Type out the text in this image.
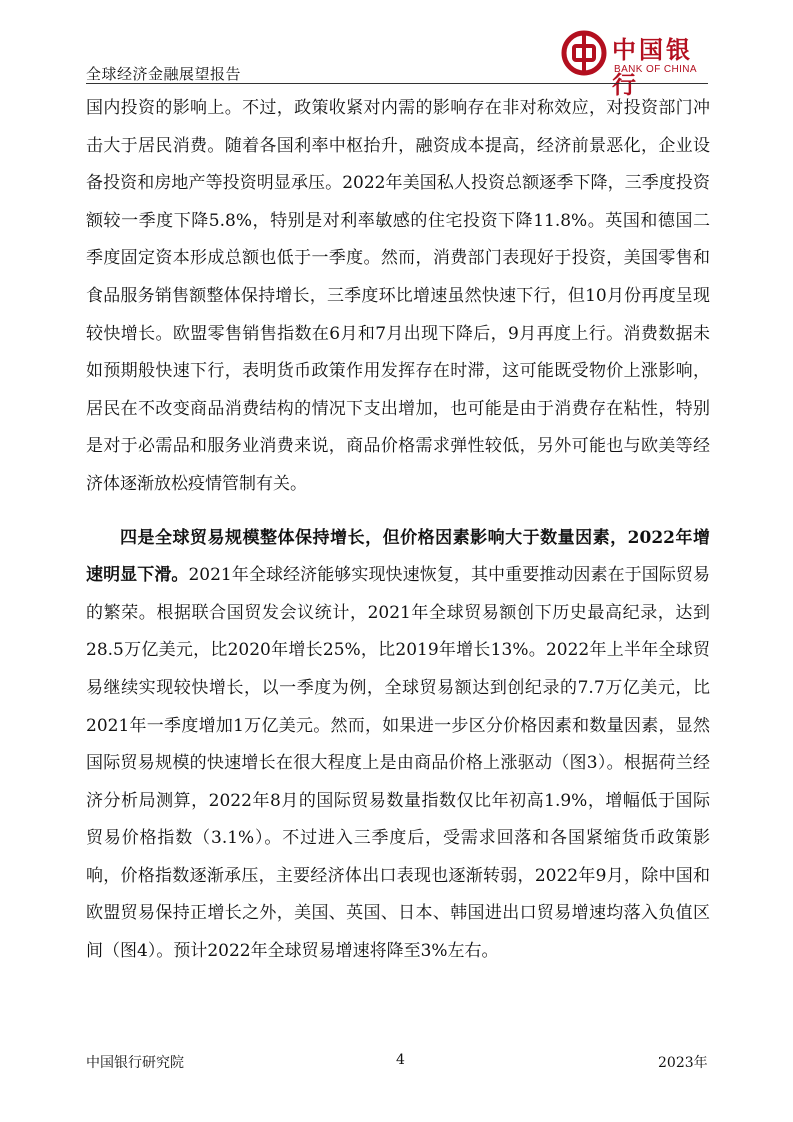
中国银行
BANK OF CHINA
全球经济金融展望报告

国内投资的影响上。不过，政策收紧对内需的影响存在非对称效应，对投资部门冲击大于居民消费。随着各国利率中枢抬升，融资成本提高，经济前景恶化，企业设备投资和房地产等投资明显承压。2022年美国私人投资总额逐季下降，三季度投资额较一季度下降5.8%，特别是对利率敏感的住宅投资下降11.8%。英国和德国二季度固定资本形成总额也低于一季度。然而，消费部门表现好于投资，美国零售和食品服务销售额整体保持增长，三季度环比增速虽然快速下行，但10月份再度呈现较快增长。欧盟零售销售指数在6月和7月出现下降后，9月再度上行。消费数据未如预期般快速下行，表明货币政策作用发挥存在时滞，这可能既受物价上涨影响，居民在不改变商品消费结构的情况下支出增加，也可能是由于消费存在粘性，特别是对于必需品和服务业消费来说，商品价格需求弹性较低，另外可能也与欧美等经济体逐渐放松疫情管制有关。

四是全球贸易规模整体保持增长，但价格因素影响大于数量因素，2022年增速明显下滑。2021年全球经济能够实现快速恢复，其中重要推动因素在于国际贸易的繁荣。根据联合国贸发会议统计，2021年全球贸易额创下历史最高纪录，达到28.5万亿美元，比2020年增长25%，比2019年增长13%。2022年上半年全球贸易继续实现较快增长，以一季度为例，全球贸易额达到创纪录的7.7万亿美元，比2021年一季度增加1万亿美元。然而，如果进一步区分价格因素和数量因素，显然国际贸易规模的快速增长在很大程度上是由商品价格上涨驱动（图3）。根据荷兰经济分析局测算，2022年8月的国际贸易数量指数仅比年初高1.9%，增幅低于国际贸易价格指数（3.1%）。不过进入三季度后，受需求回落和各国紧缩货币政策影响，价格指数逐渐承压，主要经济体出口表现也逐渐转弱，2022年9月，除中国和欧盟贸易保持正增长之外，美国、英国、日本、韩国进出口贸易增速均落入负值区间（图4）。预计2022年全球贸易增速将降至3%左右。

中国银行研究院	4	2023年
